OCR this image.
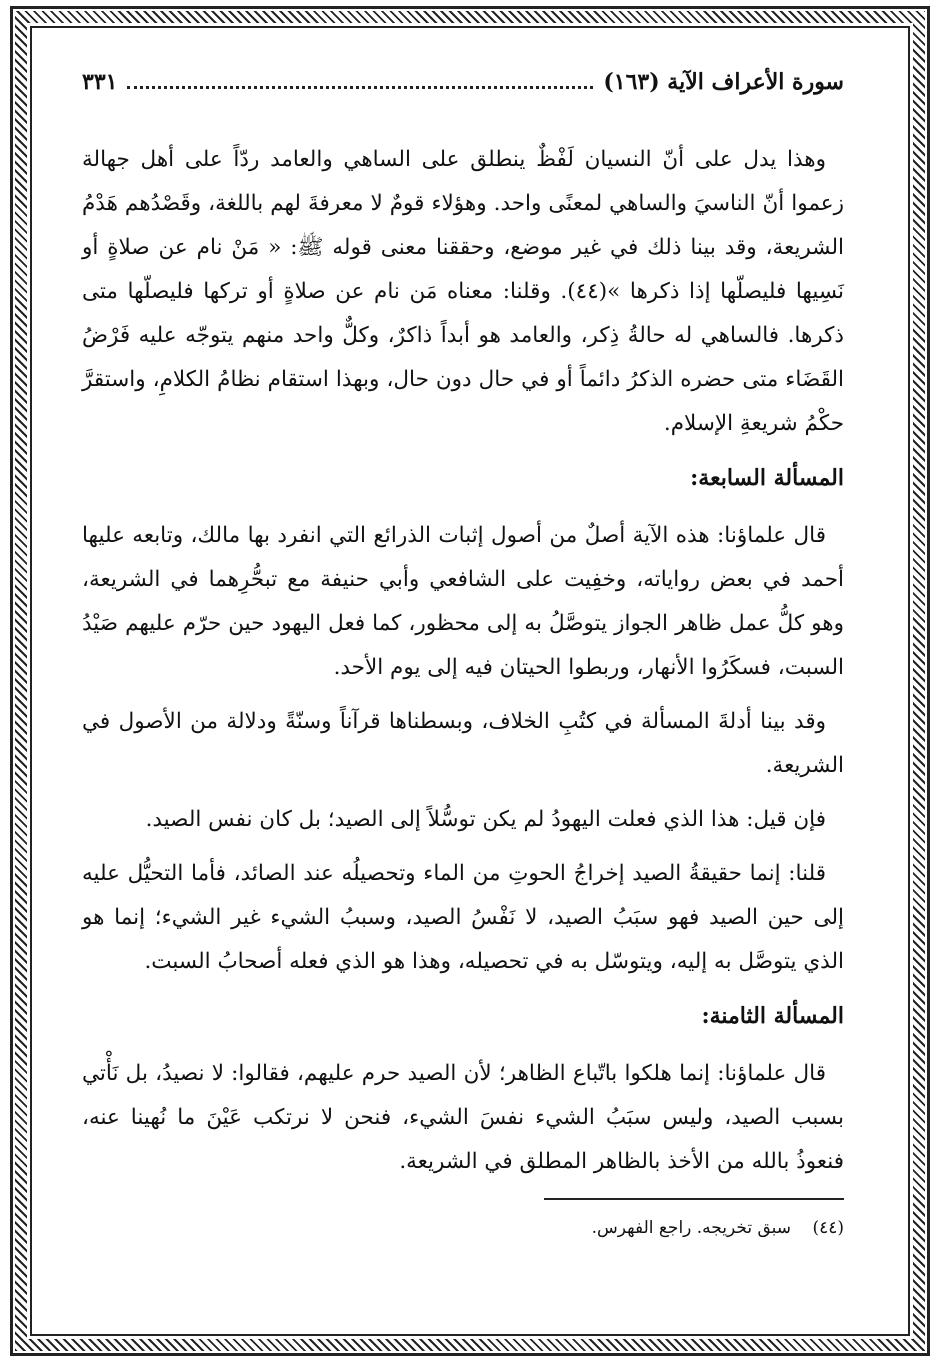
سورة الأعراف الآية (١٦٣)
٣٣١

وهذا يدل على أنّ النسيان لَفْظٌ ينطلق على الساهي والعامد ردّاً على أهل جهالة زعموا أنّ الناسيَ والساهي لمعنًى واحد. وهؤلاء قومٌ لا معرفةَ لهم باللغة، وقَصْدُهم هَدْمُ الشريعة، وقد بينا ذلك في غير موضع، وحققنا معنى قوله ﷺ: « مَنْ نام عن صلاةٍ أو نَسِيها فليصلّها إذا ذكرها »(٤٤). وقلنا: معناه مَن نام عن صلاةٍ أو تركها فليصلّها متى ذكرها. فالساهي له حالةُ ذِكر، والعامد هو أبداً ذاكرٌ، وكلٌّ واحد منهم يتوجّه عليه فَرْضُ القَضَاء متى حضره الذكرُ دائماً أو في حال دون حال، وبهذا استقام نظامُ الكلامِ، واستقرَّ حكْمُ شريعةِ الإسلام.

المسألة السابعة:

قال علماؤنا: هذه الآية أصلٌ من أصول إثبات الذرائع التي انفرد بها مالك، وتابعه عليها أحمد في بعض رواياته، وخفِيت على الشافعي وأبي حنيفة مع تبحُّرِهما في الشريعة، وهو كلُّ عمل ظاهر الجواز يتوصَّلُ به إلى محظور، كما فعل اليهود حين حرّم عليهم صَيْدُ السبت، فسكَرُوا الأنهار، وربطوا الحيتان فيه إلى يوم الأحد.

وقد بينا أدلةَ المسألة في كتُبِ الخلاف، وبسطناها قرآناً وسنّةً ودلالة من الأصول في الشريعة.

فإن قيل: هذا الذي فعلت اليهودُ لم يكن توسُّلاً إلى الصيد؛ بل كان نفس الصيد.

قلنا: إنما حقيقةُ الصيد إخراجُ الحوتِ من الماء وتحصيلُه عند الصائد، فأما التحيُّل عليه إلى حين الصيد فهو سبَبُ الصيد، لا نَفْسُ الصيد، وسببُ الشيء غير الشيء؛ إنما هو الذي يتوصَّل به إليه، ويتوسّل به في تحصيله، وهذا هو الذي فعله أصحابُ السبت.

المسألة الثامنة:

قال علماؤنا: إنما هلكوا باتّباع الظاهر؛ لأن الصيد حرم عليهم، فقالوا: لا نصيدُ، بل نَأْتي بسبب الصيد، وليس سبَبُ الشيء نفسَ الشيء، فنحن لا نرتكب عَيْنَ ما نُهينا عنه، فنعوذُ بالله من الأخذ بالظاهر المطلق في الشريعة.

(٤٤) سبق تخريجه. راجع الفهرس.
